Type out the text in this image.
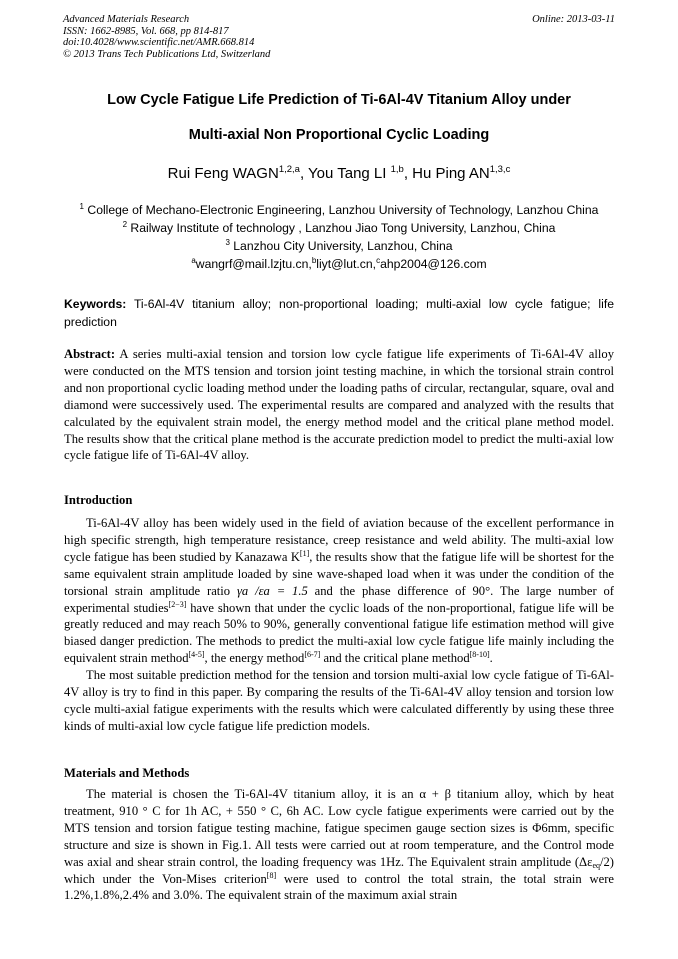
Advanced Materials Research
ISSN: 1662-8985, Vol. 668, pp 814-817
doi:10.4028/www.scientific.net/AMR.668.814
© 2013 Trans Tech Publications Ltd, Switzerland
Online: 2013-03-11
Low Cycle Fatigue Life Prediction of Ti-6Al-4V Titanium Alloy under
Multi-axial Non Proportional Cyclic Loading
Rui Feng WAGN$^{1,2,a}$, You Tang LI $^{1,b}$, Hu Ping AN$^{1,3,c}$
$^1$ College of Mechano-Electronic Engineering, Lanzhou University of Technology, Lanzhou China
$^2$ Railway Institute of technology , Lanzhou Jiao Tong University, Lanzhou, China
$^3$ Lanzhou City University, Lanzhou, China
$^a$wangrf@mail.lzjtu.cn,$^b$liyt@lut.cn,$^c$ahp2004@126.com
Keywords: Ti-6Al-4V titanium alloy; non-proportional loading; multi-axial low cycle fatigue; life prediction
Abstract: A series multi-axial tension and torsion low cycle fatigue life experiments of Ti-6Al-4V alloy were conducted on the MTS tension and torsion joint testing machine, in which the torsional strain control and non proportional cyclic loading method under the loading paths of circular, rectangular, square, oval and diamond were successively used. The experimental results are compared and analyzed with the results that calculated by the equivalent strain model, the energy method model and the critical plane method model. The results show that the critical plane method is the accurate prediction model to predict the multi-axial low cycle fatigue life of Ti-6Al-4V alloy.
Introduction
Ti-6Al-4V alloy has been widely used in the field of aviation because of the excellent performance in high specific strength, high temperature resistance, creep resistance and weld ability. The multi-axial low cycle fatigue has been studied by Kanazawa K[1], the results show that the fatigue life will be shortest for the same equivalent strain amplitude loaded by sine wave-shaped load when it was under the condition of the torsional strain amplitude ratio γa /εa = 1.5 and the phase difference of 90°. The large number of experimental studies[2−3] have shown that under the cyclic loads of the non-proportional, fatigue life will be greatly reduced and may reach 50% to 90%, generally conventional fatigue life estimation method will give biased danger prediction. The methods to predict the multi-axial low cycle fatigue life mainly including the equivalent strain method[4-5], the energy method[6-7] and the critical plane method[8-10].
The most suitable prediction method for the tension and torsion multi-axial low cycle fatigue of Ti-6Al-4V alloy is try to find in this paper. By comparing the results of the Ti-6Al-4V alloy tension and torsion low cycle multi-axial fatigue experiments with the results which were calculated differently by using these three kinds of multi-axial low cycle fatigue life prediction models.
Materials and Methods
The material is chosen the Ti-6Al-4V titanium alloy, it is an α + β titanium alloy, which by heat treatment, 910 ° C for 1h AC, + 550 ° C, 6h AC. Low cycle fatigue experiments were carried out by the MTS tension and torsion fatigue testing machine, fatigue specimen gauge section sizes is Φ6mm, specific structure and size is shown in Fig.1. All tests were carried out at room temperature, and the Control mode was axial and shear strain control, the loading frequency was 1Hz. The Equivalent strain amplitude $(\Delta\varepsilon_{eq}/2)$ which under the Von-Mises criterion[8] were used to control the total strain, the total strain were 1.2%,1.8%,2.4% and 3.0%. The equivalent strain of the maximum axial strain
